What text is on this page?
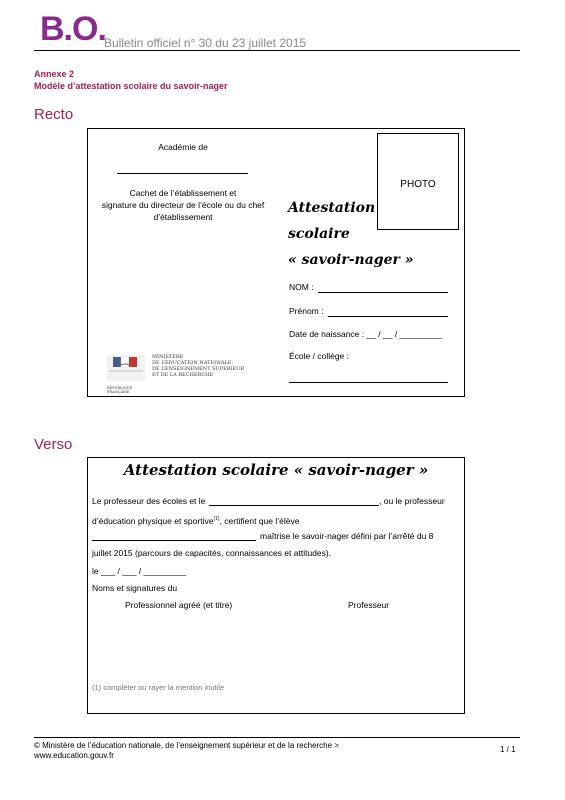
B.O.
Bulletin officiel n° 30 du 23 juillet 2015
Annexe 2
Modèle d’attestation scolaire du savoir-nager
Recto
Académie de
Cachet de l’établissement et
signature du directeur de l’école ou du chef
d’établissement
PHOTO
Attestation
scolaire
« savoir-nager »
NOM :
Prénom :
Date de naissance : __ / __ / _________
École / collège :
RÉPUBLIQUE FRANÇAISE
MINISTÈRE
DE L’ÉDUCATION NATIONALE,
DE L’ENSEIGNEMENT SUPÉRIEUR
ET DE LA RECHERCHE
Verso
Attestation scolaire « savoir-nager »
Le professeur des écoles et le	, ou le professeur
d’éducation physique et sportive$^{(1)}$, certifient que l’élève
maîtrise le savoir-nager défini par l’arrêté du 8
juillet 2015 (parcours de capacités, connaissances et attitudes).
le ___ / ___ / _________
Noms et signatures du
Professionnel agréé (et titre)	Professeur
(1) compléter ou rayer la mention inutile
© Ministère de l’éducation nationale, de l’enseignement supérieur et de la recherche >
www.education.gouv.fr
1 / 1
